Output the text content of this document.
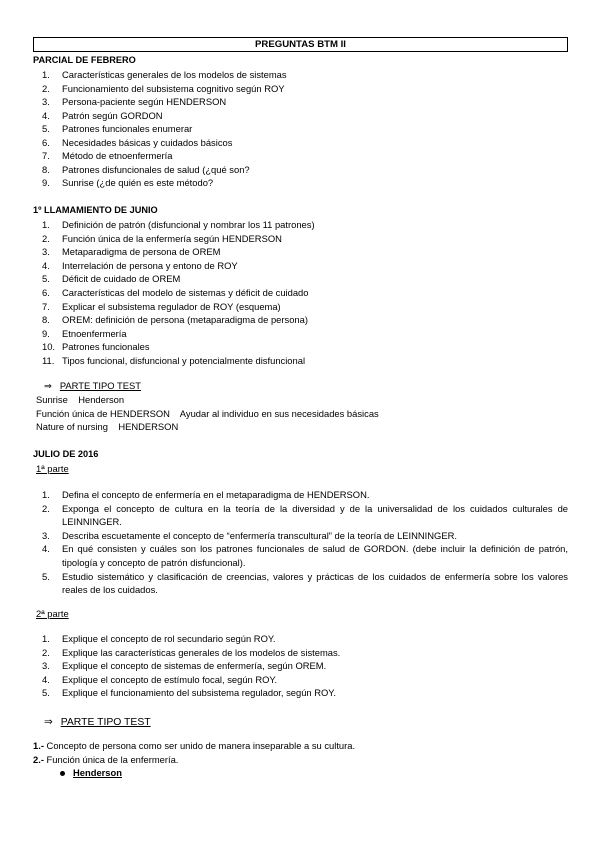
PREGUNTAS BTM II
PARCIAL DE FEBRERO
1. Características generales de los modelos de sistemas
2. Funcionamiento del subsistema cognitivo según ROY
3. Persona-paciente según HENDERSON
4. Patrón según GORDON
5. Patrones funcionales enumerar
6. Necesidades básicas y cuidados básicos
7. Método de etnoenfermería
8. Patrones disfuncionales de salud (¿qué son?
9. Sunrise (¿de quién es este método?
1º LLAMAMIENTO DE JUNIO
1. Definición de patrón (disfuncional y nombrar los 11 patrones)
2. Función única de la enfermería según HENDERSON
3. Metaparadigma de persona de OREM
4. Interrelación de persona y entono de ROY
5. Déficit de cuidado de OREM
6. Características del modelo de sistemas y déficit de cuidado
7. Explicar el subsistema regulador de ROY (esquema)
8. OREM: definición de persona (metaparadigma de persona)
9. Etnoenfermería
10. Patrones funcionales
11. Tipos funcional, disfuncional y potencialmente disfuncional
⇒ PARTE TIPO TEST
Sunrise    Henderson
Función única de HENDERSON    Ayudar al individuo en sus necesidades básicas
Nature of nursing    HENDERSON
JULIO DE 2016
1ª parte
1. Defina el concepto de enfermería en el metaparadigma de HENDERSON.
2. Exponga el concepto de cultura en la teoría de la diversidad y de la universalidad de los cuidados culturales de LEINNINGER.
3. Describa escuetamente el concepto de “enfermería transcultural” de la teoría de LEINNINGER.
4. En qué consisten y cuáles son los patrones funcionales de salud de GORDON. (debe incluir la definición de patrón, tipología y concepto de patrón disfuncional).
5. Estudio sistemático y clasificación de creencias, valores y prácticas de los cuidados de enfermería sobre los valores reales de los cuidados.
2ª parte
1. Explique el concepto de rol secundario según ROY.
2. Explique las características generales de los modelos de sistemas.
3. Explique el concepto de sistemas de enfermería, según OREM.
4. Explique el concepto de estímulo focal, según ROY.
5. Explique el funcionamiento del subsistema regulador, según ROY.
⇒ PARTE TIPO TEST
1.- Concepto de persona como ser unido de manera inseparable a su cultura.
2.- Función única de la enfermería.
Henderson
